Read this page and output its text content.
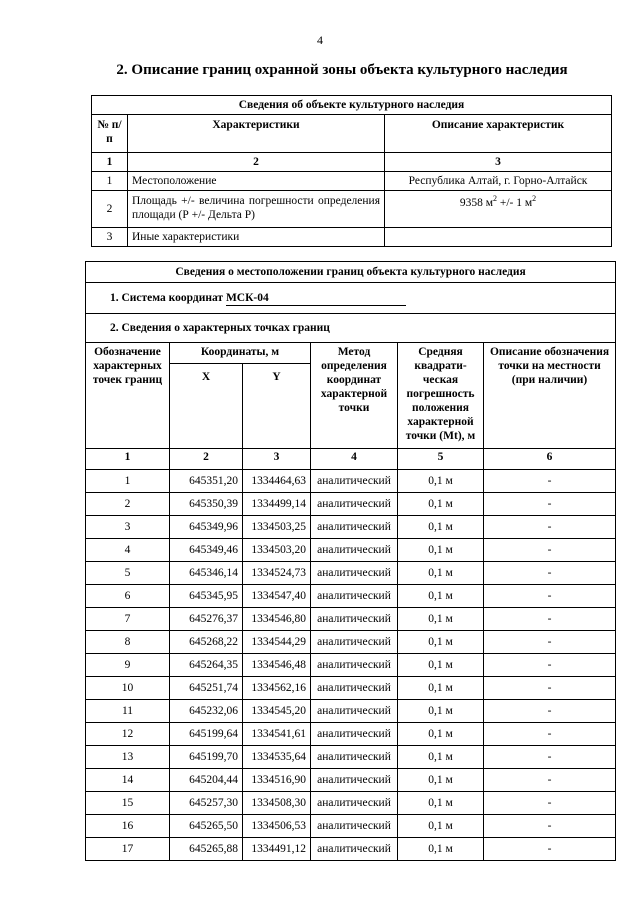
4
2. Описание границ охранной зоны объекта культурного наследия
Сведения об объекте культурного наследия		
№ п/п	Характеристики	Описание характеристик
1	2	3
1	Местоположение	Республика Алтай, г. Горно-Алтайск
2	Площадь +/- величина погрешности определения площади (Р +/- Дельта Р)	9358 $м^2$ +/- 1 $м^2$
3	Иные характеристики	
Сведения о местоположении границ объекта культурного наследия					
1. Система координат МСК-04					
2. Сведения о характерных точках границ					
Обозначение характерных точек границ	Координаты, м		Метод определения координат характерной точки	Средняя квадрати-ческая погрешность положения характерной точки (Mt), м	Описание обозначения точки на местности (при наличии)
	X	Y			
1	2	3	4	5	6
1	645351,20	1334464,63	аналитический	0,1 м	-
2	645350,39	1334499,14	аналитический	0,1 м	-
3	645349,96	1334503,25	аналитический	0,1 м	-
4	645349,46	1334503,20	аналитический	0,1 м	-
5	645346,14	1334524,73	аналитический	0,1 м	-
6	645345,95	1334547,40	аналитический	0,1 м	-
7	645276,37	1334546,80	аналитический	0,1 м	-
8	645268,22	1334544,29	аналитический	0,1 м	-
9	645264,35	1334546,48	аналитический	0,1 м	-
10	645251,74	1334562,16	аналитический	0,1 м	-
11	645232,06	1334545,20	аналитический	0,1 м	-
12	645199,64	1334541,61	аналитический	0,1 м	-
13	645199,70	1334535,64	аналитический	0,1 м	-
14	645204,44	1334516,90	аналитический	0,1 м	-
15	645257,30	1334508,30	аналитический	0,1 м	-
16	645265,50	1334506,53	аналитический	0,1 м	-
17	645265,88	1334491,12	аналитический	0,1 м	-
